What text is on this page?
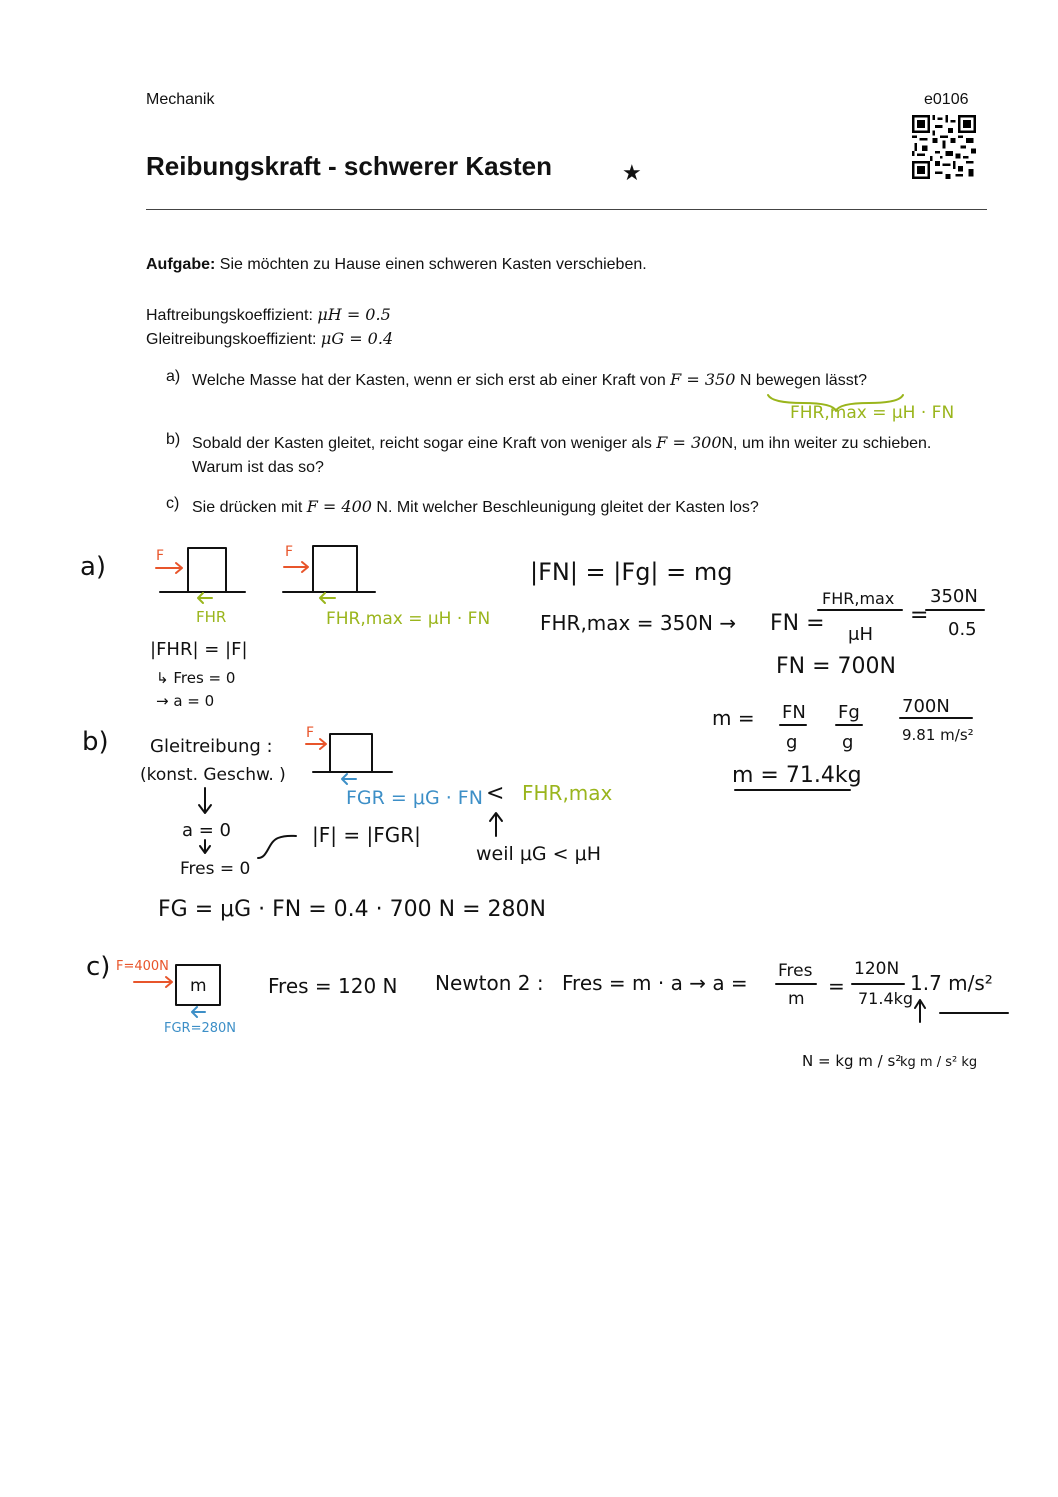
Mechanik	e0106
Reibungskraft - schwerer Kasten	★
Aufgabe: Sie möchten zu Hause einen schweren Kasten verschieben.
Haftreibungskoeffizient: μH = 0.5
Gleitreibungskoeffizient: μG = 0.4
a) Welche Masse hat der Kasten, wenn er sich erst ab einer Kraft von F = 350 N bewegen lässt?
b) Sobald der Kasten gleitet, reicht sogar eine Kraft von weniger als F = 300N, um ihn weiter zu schieben. Warum ist das so?
c) Sie drücken mit F = 400 N. Mit welcher Beschleunigung gleitet der Kasten los?
FHR,max = μH · FN
a)	F
FHR
F
FHR,max = μH · FN
|FHR| = |F|
↳ Fres = 0
→ a = 0
|FN| = |Fg| = mg
FHR,max = 350N → FN =
FHR,max
μH
=
350N
0.5
FN = 700N
m = FN
g
Fg
g
700N
9.81 m/s²
m = 71.4kg
b)	F
Gleitreibung :
(konst. Geschw. )
a = 0
Fres = 0
|F| = |FGR|
FGR = μG · FN < FHR,max
weil μG < μH
FG = μG · FN = 0.4 · 700 N = 280N
c) F=400N
m
FGR=280N
Fres = 120 N Newton 2 : Fres = m · a → a = Fres
m
=
120N
71.4kg
1.7 m/s²
N = kg m / s²
kg m / s² kg
